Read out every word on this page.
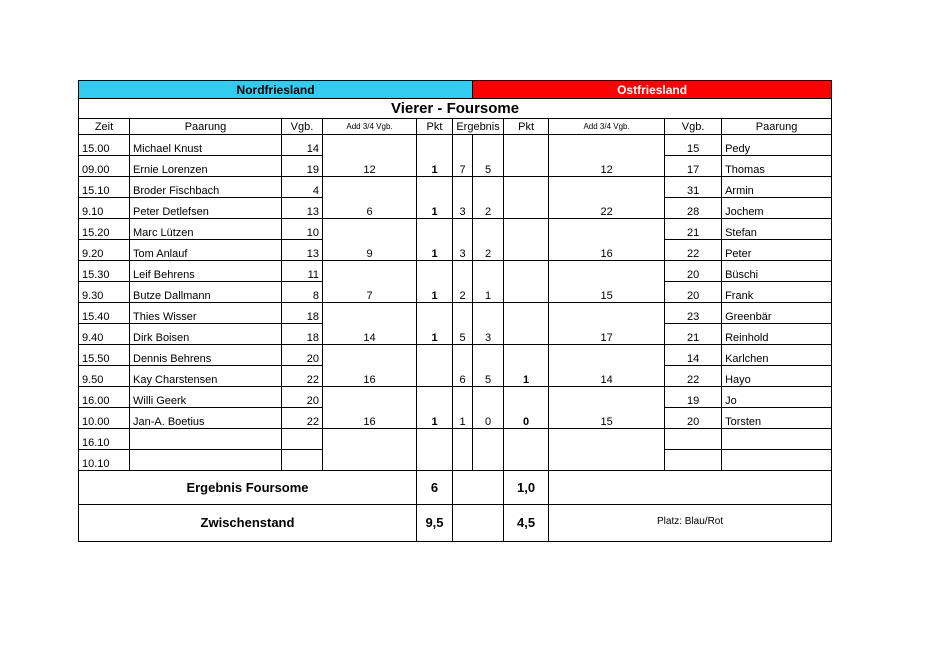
Nordfriesland						Ostfriesland				
Vierer - Foursome										
Zeit	Paarung	Vgb.	Add 3/4 Vgb.	Pkt	Ergebnis		Pkt	Add 3/4 Vgb.	Vgb.	Paarung
15.00	Michael Knust	14	12	1	7	5		12	15	Pedy
09.00	Ernie Lorenzen	19							17	Thomas
15.10	Broder Fischbach	4	6	1	3	2		22	31	Armin
9.10	Peter Detlefsen	13							28	Jochem
15.20	Marc Lützen	10	9	1	3	2		16	21	Stefan
9.20	Tom Anlauf	13							22	Peter
15.30	Leif Behrens	11	7	1	2	1		15	20	Büschi
9.30	Butze Dallmann	8							20	Frank
15.40	Thies Wisser	18	14	1	5	3		17	23	Greenbär
9.40	Dirk Boisen	18							21	Reinhold
15.50	Dennis Behrens	20	16		6	5	1	14	14	Karlchen
9.50	Kay Charstensen	22							22	Hayo
16.00	Willi Geerk	20	16	1	1	0	0	15	19	Jo
10.00	Jan-A. Boetius	22							20	Torsten
16.10										
10.10										
Ergebnis Foursome				6			1,0			
Zwischenstand				9,5			4,5	Platz: Blau/Rot		
